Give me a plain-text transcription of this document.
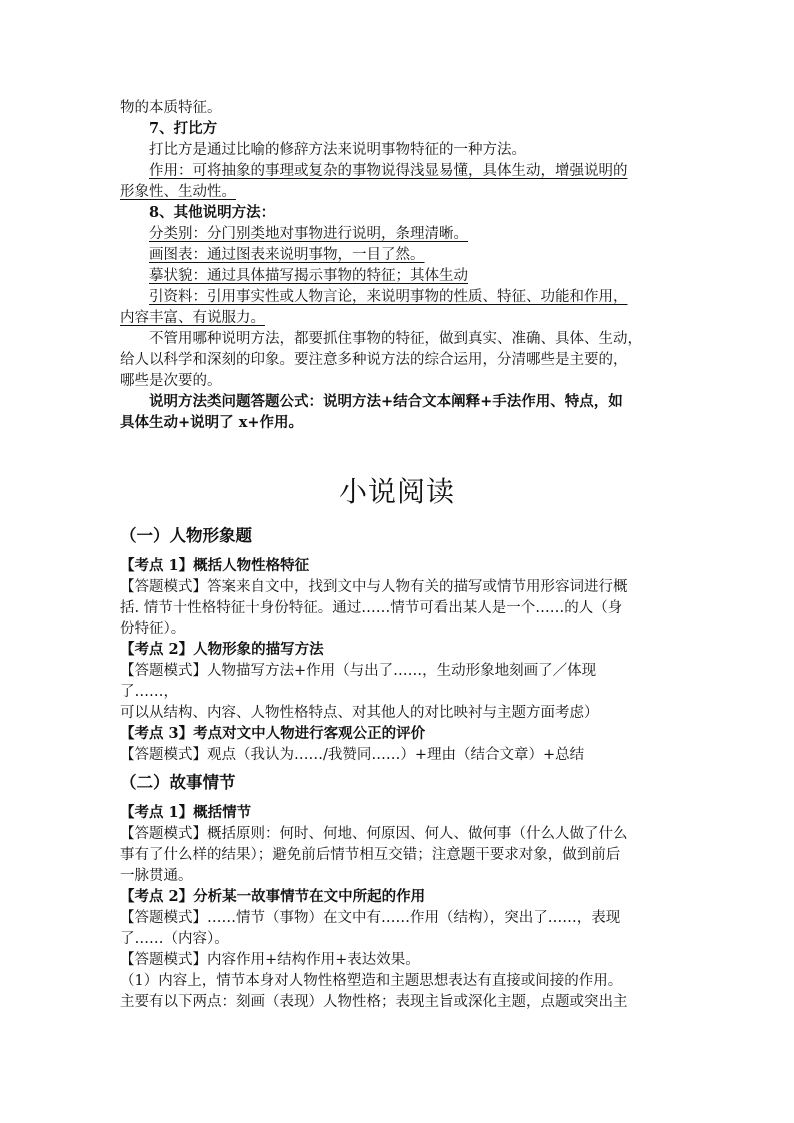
物的本质特征。
7、打比方
打比方是通过比喻的修辞方法来说明事物特征的一种方法。
作用：可将抽象的事理或复杂的事物说得浅显易懂，具体生动，增强说明的
形象性、生动性。
8、其他说明方法：
分类别：分门别类地对事物进行说明，条理清晰。
画图表：通过图表来说明事物，一目了然。
摹状貌：通过具体描写揭示事物的特征；其体生动
引资料：引用事实性或人物言论，来说明事物的性质、特征、功能和作用，
内容丰富、有说服力。
不管用哪种说明方法，都要抓住事物的特征，做到真实、准确、具体、生动，
给人以科学和深刻的印象。要注意多种说方法的综合运用，分清哪些是主要的，
哪些是次要的。
说明方法类问题答题公式：说明方法+结合文本阐释+手法作用、特点，如
具体生动+说明了 x+作用。
小说阅读
（一）人物形象题
【考点 1】概括人物性格特征
【答题模式】答案来自文中，找到文中与人物有关的描写或情节用形容词进行概
括. 情节十性格特征十身份特征。通过……情节可看出某人是一个……的人（身
份特征）。
【考点 2】人物形象的描写方法
【答题模式】人物描写方法+作用（与出了……，生动形象地刻画了／体现
了……，
可以从结构、内容、人物性格特点、对其他人的对比映衬与主题方面考虑）
【考点 3】考点对文中人物进行客观公正的评价
【答题模式】观点（我认为……/我赞同……）+理由（结合文章）+总结
（二）故事情节
【考点 1】概括情节
【答题模式】概括原则：何时、何地、何原因、何人、做何事（什么人做了什么
事有了什么样的结果）；避免前后情节相互交错；注意题干要求对象，做到前后
一脉贯通。
【考点 2】分析某一故事情节在文中所起的作用
【答题模式】……情节（事物）在文中有……作用（结构），突出了……，表现
了……（内容）。
【答题模式】内容作用+结构作用+表达效果。
（1）内容上，情节本身对人物性格塑造和主题思想表达有直接或间接的作用。
主要有以下两点：刻画（表现）人物性格；表现主旨或深化主题，点题或突出主
